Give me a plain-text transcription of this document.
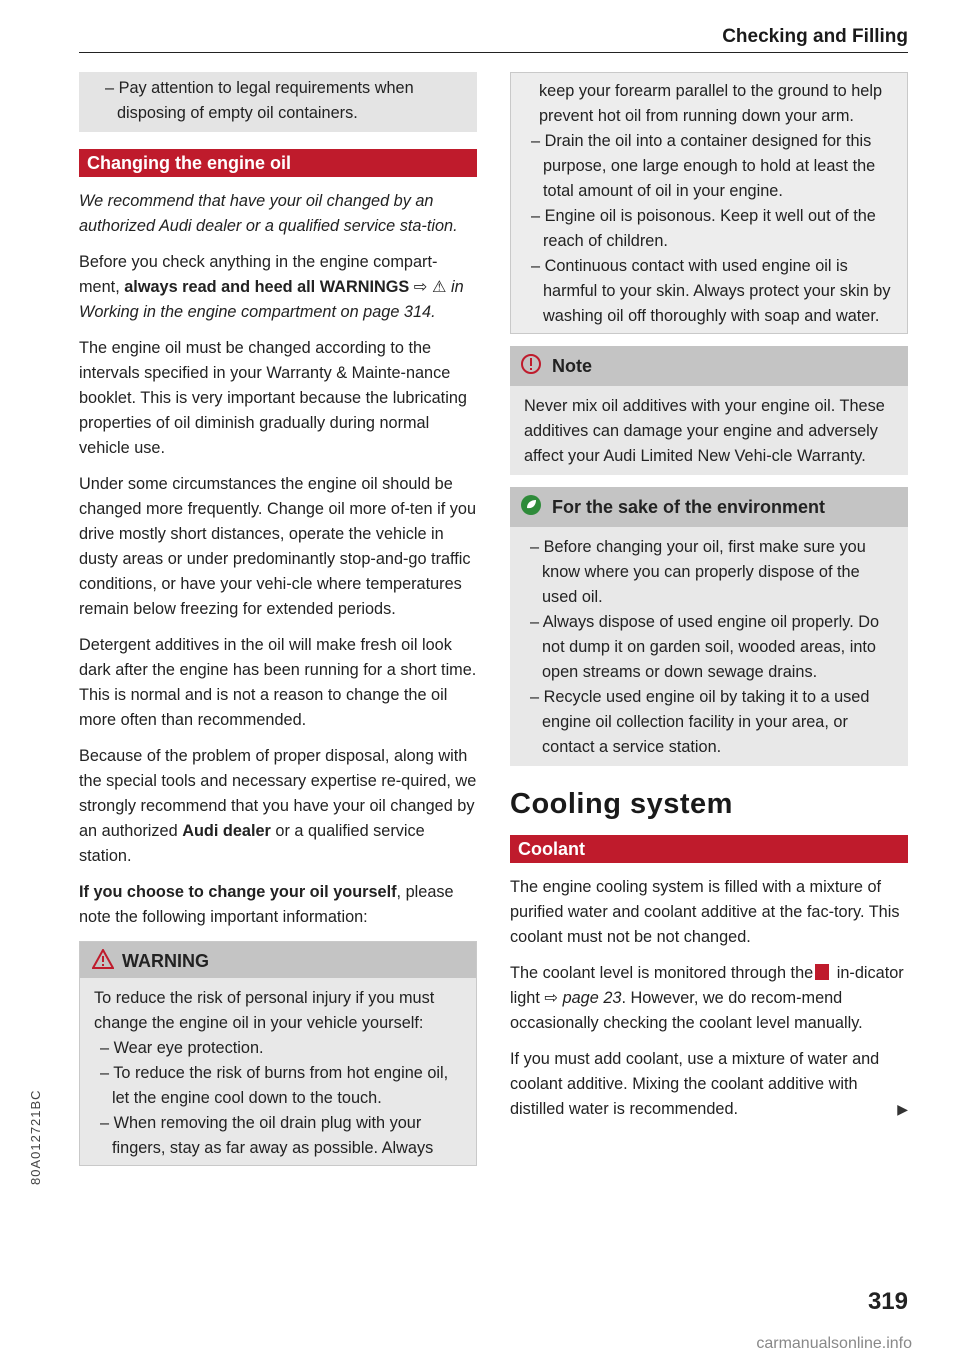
Checking and Filling
– Pay attention to legal requirements when disposing of empty oil containers.
Changing the engine oil

We recommend that have your oil changed by an authorized Audi dealer or a qualified service sta-tion.

Before you check anything in the engine compart-ment, always read and heed all WARNINGS ⇨ ⚠ in Working in the engine compartment on page 314.

The engine oil must be changed according to the intervals specified in your Warranty & Mainte-nance booklet. This is very important because the lubricating properties of oil diminish gradually during normal vehicle use.

Under some circumstances the engine oil should be changed more frequently. Change oil more of-ten if you drive mostly short distances, operate the vehicle in dusty areas or under predominantly stop-and-go traffic conditions, or have your vehi-cle where temperatures remain below freezing for extended periods.

Detergent additives in the oil will make fresh oil look dark after the engine has been running for a short time. This is normal and is not a reason to change the oil more often than recommended.

Because of the problem of proper disposal, along with the special tools and necessary expertise re-quired, we strongly recommend that you have your oil changed by an authorized Audi dealer or a qualified service station.

If you choose to change your oil yourself, please note the following important information:

WARNING

To reduce the risk of personal injury if you must change the engine oil in your vehicle yourself:

– Wear eye protection.
– To reduce the risk of burns from hot engine oil, let the engine cool down to the touch.
– When removing the oil drain plug with your fingers, stay as far away as possible. Always

keep your forearm parallel to the ground to help prevent hot oil from running down your arm.

– Drain the oil into a container designed for this purpose, one large enough to hold at least the total amount of oil in your engine.
– Engine oil is poisonous. Keep it well out of the reach of children.
– Continuous contact with used engine oil is harmful to your skin. Always protect your skin by washing oil off thoroughly with soap and water.
Note

Never mix oil additives with your engine oil. These additives can damage your engine and adversely affect your Audi Limited New Vehi-cle Warranty.

For the sake of the environment
– Before changing your oil, first make sure you know where you can properly dispose of the used oil.
– Always dispose of used engine oil properly. Do not dump it on garden soil, wooded areas, into open streams or down sewage drains.
– Recycle used engine oil by taking it to a used engine oil collection facility in your area, or contact a service station.
Cooling system
Coolant

The engine cooling system is filled with a mixture of purified water and coolant additive at the fac-tory. This coolant must not be not changed.

The coolant level is monitored through the in-dicator light ⇨ page 23. However, we do recom-mend occasionally checking the coolant level manually.

If you must add coolant, use a mixture of water and coolant additive. Mixing the coolant additive with distilled water is recommended.	▶

319
80A012721BC
carmanualsonline.info
